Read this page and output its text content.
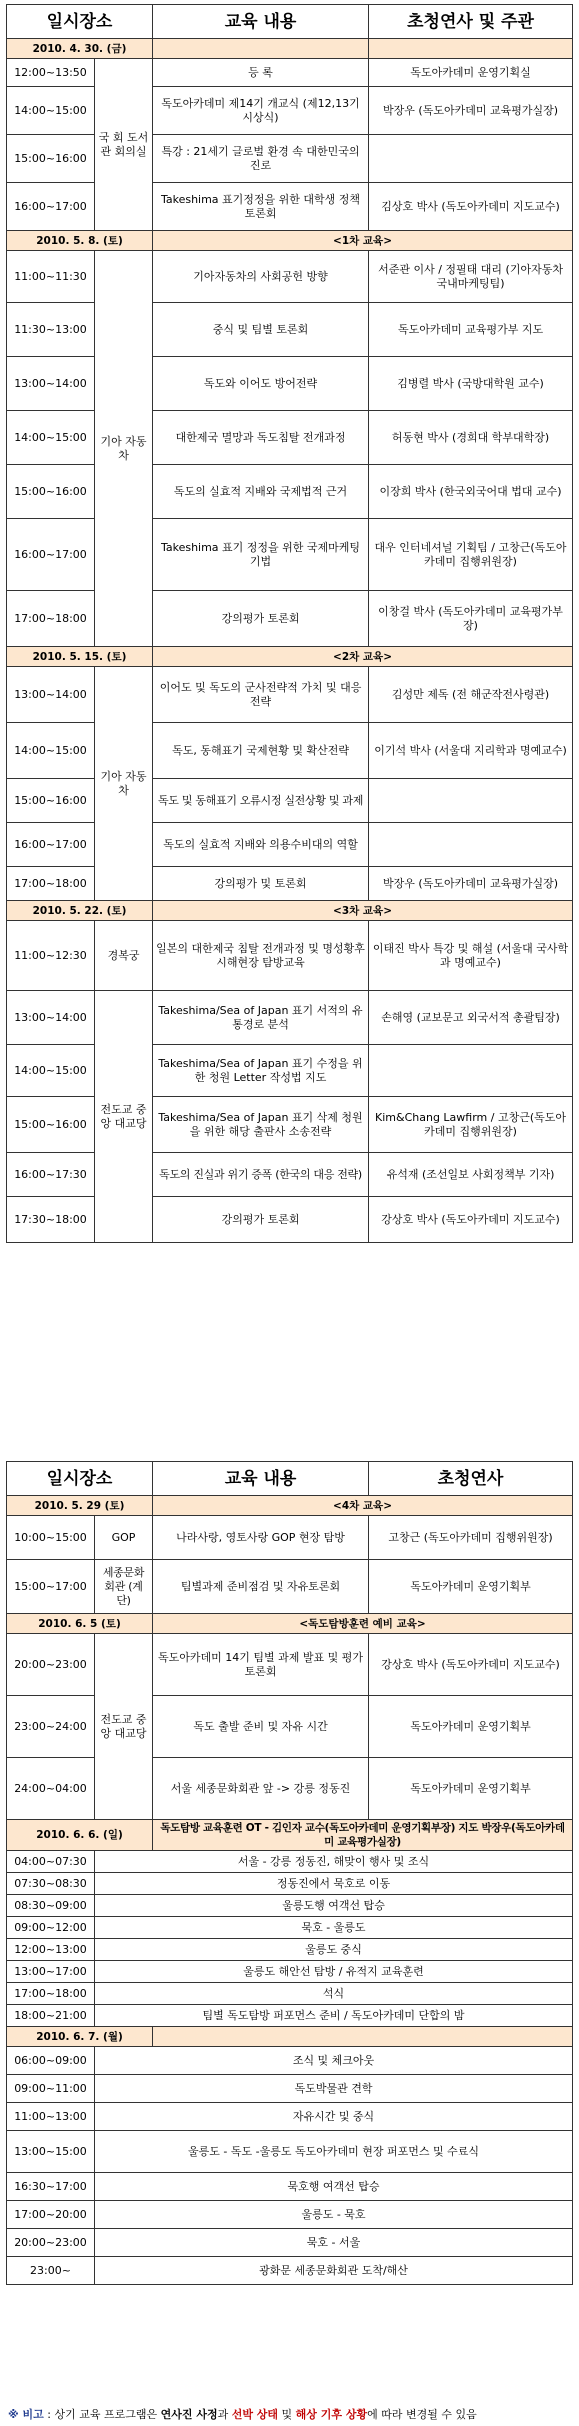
일시장소		교육 내용	초청연사 및 주관
2010. 4. 30. (금)			
12:00~13:50	국 회 도서관 회의실	등 록	독도아카데미 운영기획실
14:00~15:00		독도아카데미 제14기 개교식 (제12,13기 시상식)	박장우 (독도아카데미 교육평가실장)
15:00~16:00		특강 : 21세기 글로벌 환경 속 대한민국의 진로	
16:00~17:00		Takeshima 표기정정을 위한 대학생 정책토론회	김상호 박사 (독도아카데미 지도교수)
2010. 5. 8. (토)		<1차 교육>	
11:00~11:30	기아 자동차	기아자동차의 사회공헌 방향	서준관 이사 / 정필태 대리 (기아자동차 국내마케팅팀)
11:30~13:00		중식 및 팀별 토론회	독도아카데미 교육평가부 지도
13:00~14:00		독도와 이어도 방어전략	김병렬 박사 (국방대학원 교수)
14:00~15:00		대한제국 멸망과 독도침탈 전개과정	허동현 박사 (경희대 학부대학장)
15:00~16:00		독도의 실효적 지배와 국제법적 근거	이장희 박사 (한국외국어대 법대 교수)
16:00~17:00		Takeshima 표기 정정을 위한 국제마케팅 기법	대우 인터네셔널 기획팀 / 고창근(독도아카데미 집행위원장)
17:00~18:00		강의평가 토론회	이창걸 박사 (독도아카데미 교육평가부장)
2010. 5. 15. (토)		<2차 교육>	
13:00~14:00	기아 자동차	이어도 및 독도의 군사전략적 가치 및 대응전략	김성만 제독 (전 해군작전사령관)
14:00~15:00		독도, 동해표기 국제현황 및 확산전략	이기석 박사 (서울대 지리학과 명예교수)
15:00~16:00		독도 및 동해표기 오류시정 실전상황 및 과제	
16:00~17:00		독도의 실효적 지배와 의용수비대의 역할	
17:00~18:00		강의평가 및 토론회	박장우 (독도아카데미 교육평가실장)
2010. 5. 22. (토)		<3차 교육>	
11:00~12:30	경복궁	일본의 대한제국 침탈 전개과정 및 명성황후 시해현장 탐방교육	이태진 박사 특강 및 해설 (서울대 국사학과 명예교수)
13:00~14:00	전도교 중앙 대교당	Takeshima/Sea of Japan 표기 서적의 유통경로 분석	손해영 (교보문고 외국서적 총괄팀장)
14:00~15:00		Takeshima/Sea of Japan 표기 수정을 위한 청원 Letter 작성법 지도	
15:00~16:00		Takeshima/Sea of Japan 표기 삭제 청원을 위한 해당 출판사 소송전략	Kim&Chang Lawfirm / 고창근(독도아카데미 집행위원장)
16:00~17:30		독도의 진실과 위기 증폭 (한국의 대응 전략)	유석재 (조선일보 사회정책부 기자)
17:30~18:00		강의평가 토론회	강상호 박사 (독도아카데미 지도교수)
일시장소		교육 내용	초청연사
2010. 5. 29 (토)		<4차 교육>	
10:00~15:00	GOP	나라사랑, 영토사랑 GOP 현장 탐방	고창근 (독도아카데미 집행위원장)
15:00~17:00	세종문화회관 (계단)	팀별과제 준비점검 및 자유토론회	독도아카데미 운영기획부
2010. 6. 5 (토)		<독도탐방훈련 예비 교육>	
20:00~23:00	전도교 중앙 대교당	독도아카데미 14기 팀별 과제 발표 및 평가토론회	강상호 박사 (독도아카데미 지도교수)
23:00~24:00		독도 출발 준비 및 자유 시간	독도아카데미 운영기획부
24:00~04:00		서울 세종문화회관 앞 -> 강릉 정동진	독도아카데미 운영기획부
2010. 6. 6. (일)		독도탐방 교육훈련 OT - 김인자 교수(독도아카데미 운영기획부장) 지도 박장우(독도아카데미 교육평가실장)	
04:00~07:30	서울 - 강릉 정동진, 해맞이 행사 및 조식		
07:30~08:30	정동진에서 묵호로 이동		
08:30~09:00	울릉도행 여객선 탑승		
09:00~12:00	묵호 - 울릉도		
12:00~13:00	울릉도 중식		
13:00~17:00	울릉도 해안선 탐방 / 유적지 교육훈련		
17:00~18:00	석식		
18:00~21:00	팀별 독도탐방 퍼포먼스 준비 / 독도아카데미 단합의 밤		
2010. 6. 7. (월)			
06:00~09:00	조식 및 체크아웃		
09:00~11:00	독도박물관 견학		
11:00~13:00	자유시간 및 중식		
13:00~15:00	울릉도 - 독도 -울릉도 독도아카데미 현장 퍼포먼스 및 수료식		
16:30~17:00	묵호행 여객선 탑승		
17:00~20:00	울릉도 - 묵호		
20:00~23:00	묵호 - 서울		
23:00~	광화문 세종문화회관 도착/해산		
※ 비고 : 상기 교육 프로그램은 연사진 사정과 선박 상태 및 해상 기후 상황에 따라 변경될 수 있음
